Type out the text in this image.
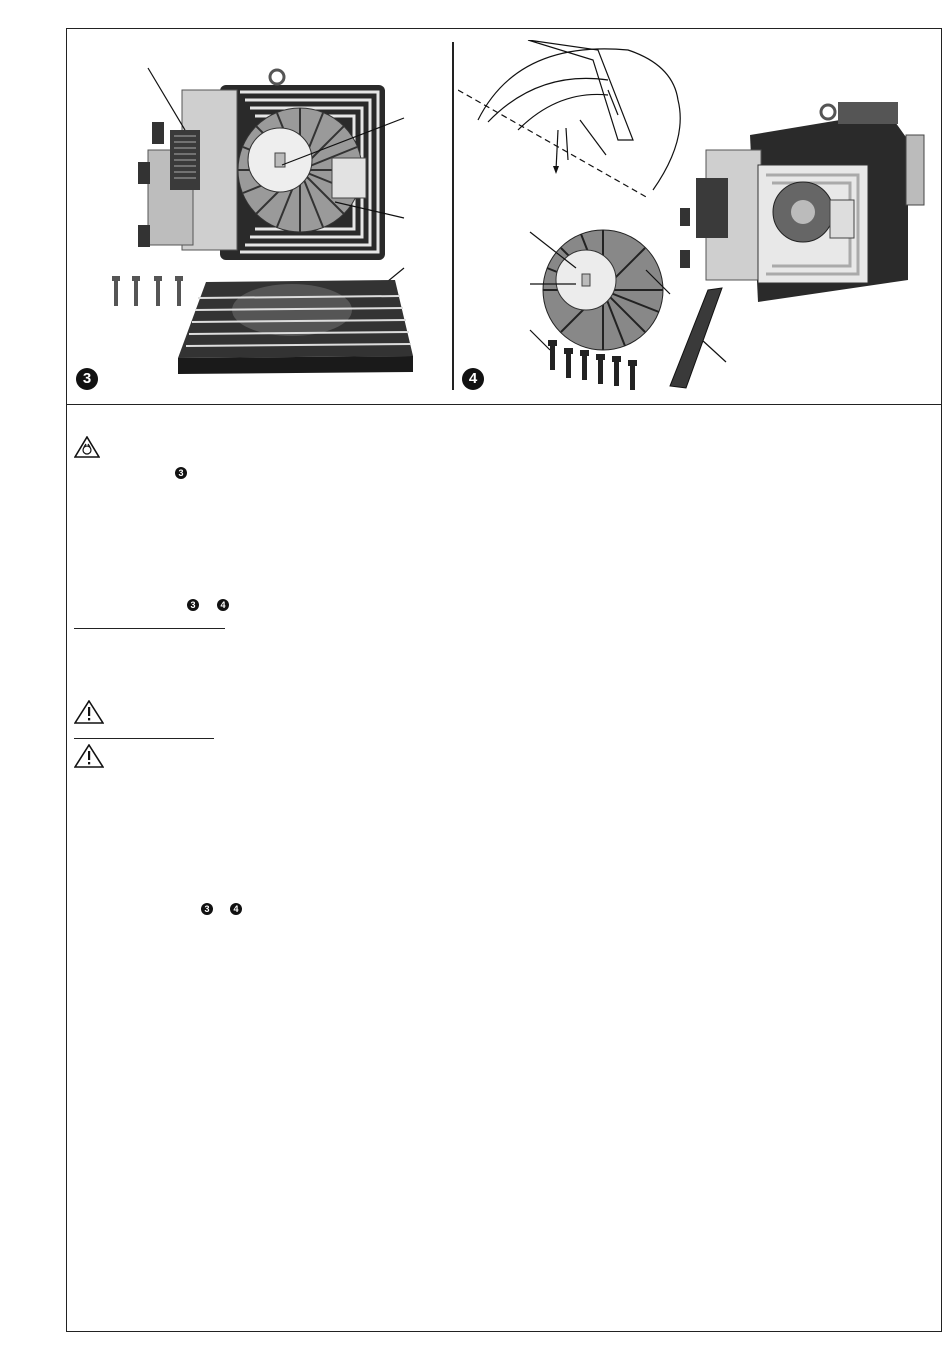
3	4
3
3	4
3	4
